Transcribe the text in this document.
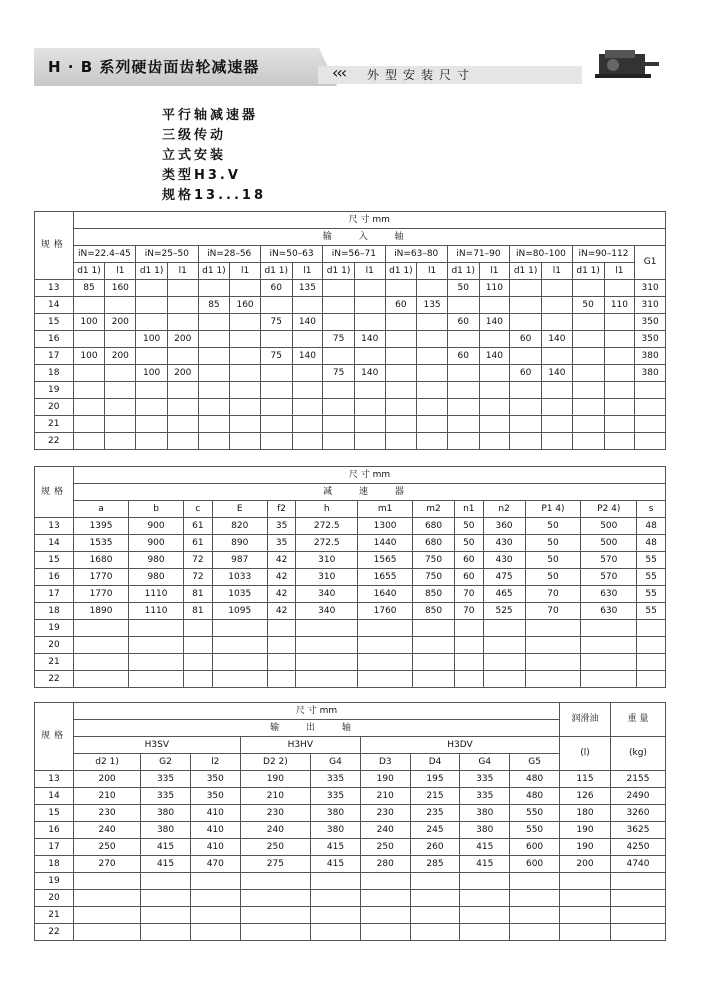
H · B 系列硬齿面齿轮减速器	‹‹‹ 外型安装尺寸
平行轴减速器
三级传动
立式安装
类型H3.V
规格13...18
规格	尺 寸 mm																		
	输 入 轴																		
	iN=22.4–45		iN=25–50		iN=28–56		iN=50–63		iN=56–71		iN=63–80		iN=71–90		iN=80–100		iN=90–112		G1
	d1 1)	l1	d1 1)	l1	d1 1)	l1	d1 1)	l1	d1 1)	l1	d1 1)	l1	d1 1)	l1	d1 1)	l1	d1 1)	l1	
13	85	160					60	135					50	110					310
14					85	160					60	135					50	110	310
15	100	200					75	140					60	140					350
16			100	200					75	140					60	140			350
17	100	200					75	140					60	140					380
18			100	200					75	140					60	140			380
19																			
20																			
21																			
22																			
规格	尺 寸 mm												
	减 速 器												
	a	b	c	E	f2	h	m1	m2	n1	n2	P1 4)	P2 4)	s
13	1395	900	61	820	35	272.5	1300	680	50	360	50	500	48
14	1535	900	61	890	35	272.5	1440	680	50	430	50	500	48
15	1680	980	72	987	42	310	1565	750	60	430	50	570	55
16	1770	980	72	1033	42	310	1655	750	60	475	50	570	55
17	1770	1110	81	1035	42	340	1640	850	70	465	70	630	55
18	1890	1110	81	1095	42	340	1760	850	70	525	70	630	55
19													
20													
21													
22													
规格	尺 寸 mm									润滑油	重 量
	输 出 轴										
	H3SV			H3HV		H3DV				(l)	(kg)
	d2 1)	G2	l2	D2 2)	G4	D3	D4	G4	G5		
13	200	335	350	190	335	190	195	335	480	115	2155
14	210	335	350	210	335	210	215	335	480	126	2490
15	230	380	410	230	380	230	235	380	550	180	3260
16	240	380	410	240	380	240	245	380	550	190	3625
17	250	415	410	250	415	250	260	415	600	190	4250
18	270	415	470	275	415	280	285	415	600	200	4740
19											
20											
21											
22											
